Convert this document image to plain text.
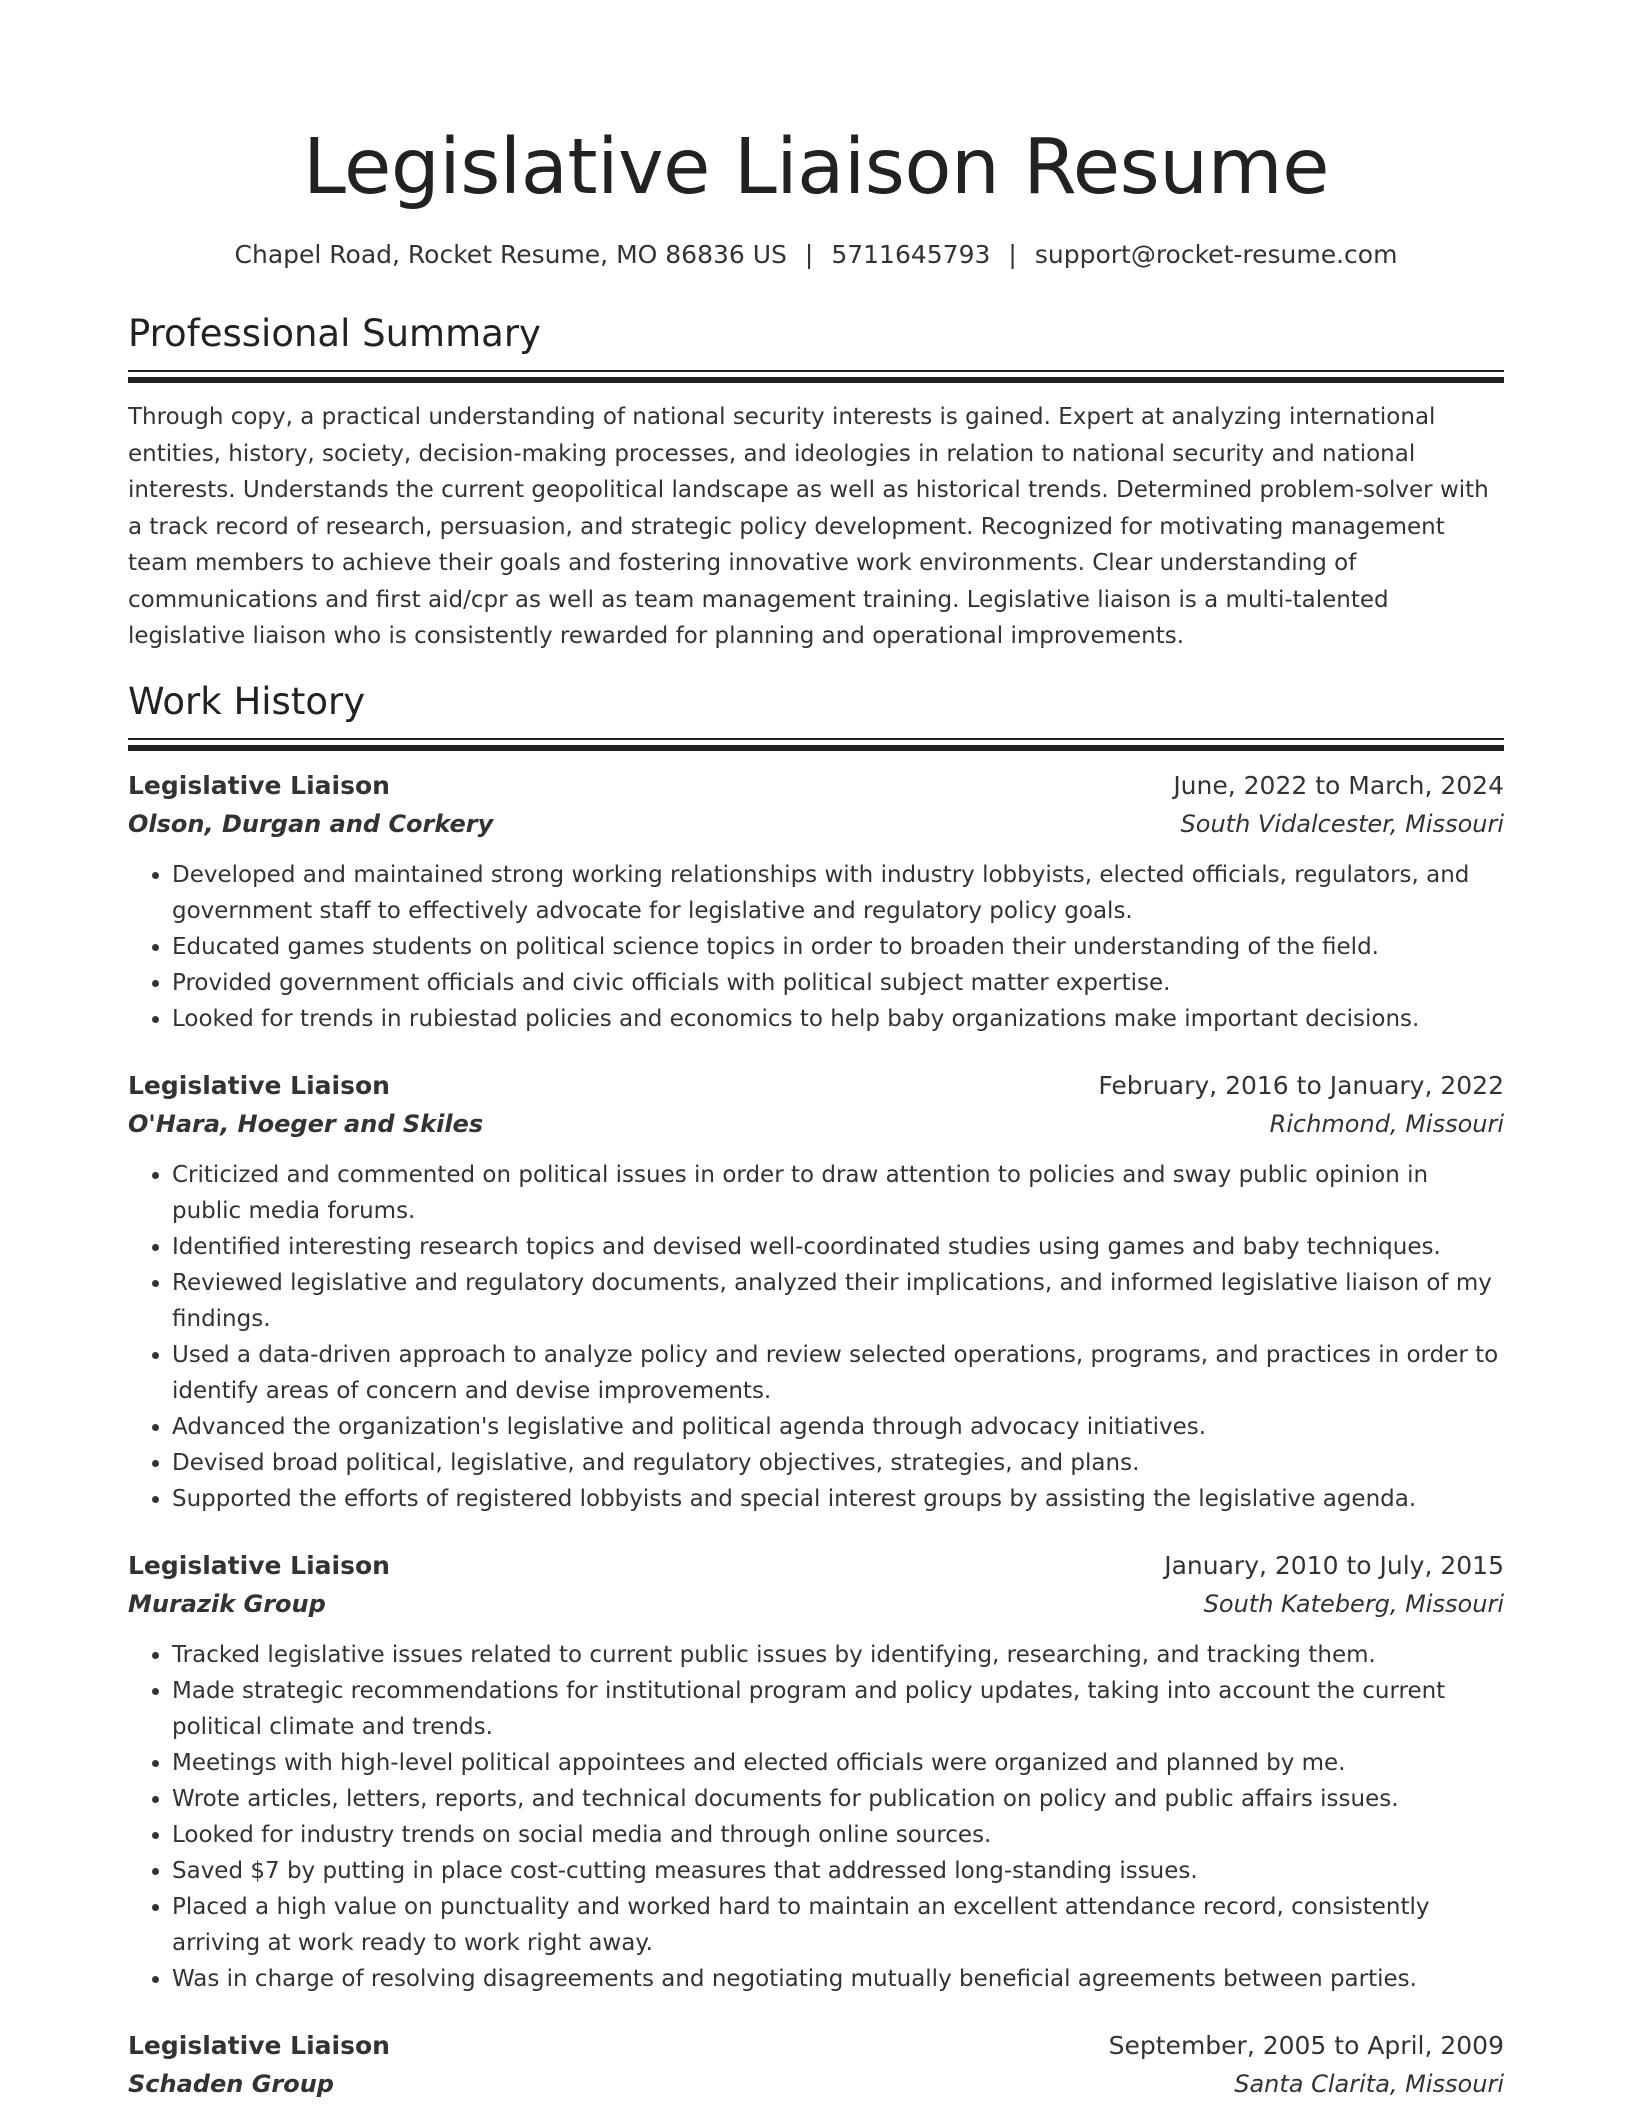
Legislative Liaison Resume
Chapel Road, Rocket Resume, MO 86836 US | 5711645793 | support@rocket-resume.com
Professional Summary

Through copy, a practical understanding of national security interests is gained. Expert at analyzing international entities, history, society, decision-making processes, and ideologies in relation to national security and national interests. Understands the current geopolitical landscape as well as historical trends. Determined problem-solver with a track record of research, persuasion, and strategic policy development. Recognized for motivating management team members to achieve their goals and fostering innovative work environments. Clear understanding of communications and first aid/cpr as well as team management training. Legislative liaison is a multi-talented legislative liaison who is consistently rewarded for planning and operational improvements.

Work History
Legislative Liaison	June, 2022 to March, 2024
Olson, Durgan and Corkery	South Vidalcester, Missouri
• Developed and maintained strong working relationships with industry lobbyists, elected officials, regulators, and government staff to effectively advocate for legislative and regulatory policy goals.
• Educated games students on political science topics in order to broaden their understanding of the field.
• Provided government officials and civic officials with political subject matter expertise.
• Looked for trends in rubiestad policies and economics to help baby organizations make important decisions.
Legislative Liaison	February, 2016 to January, 2022
O'Hara, Hoeger and Skiles	Richmond, Missouri
• Criticized and commented on political issues in order to draw attention to policies and sway public opinion in public media forums.
• Identified interesting research topics and devised well-coordinated studies using games and baby techniques.
• Reviewed legislative and regulatory documents, analyzed their implications, and informed legislative liaison of my findings.
• Used a data-driven approach to analyze policy and review selected operations, programs, and practices in order to identify areas of concern and devise improvements.
• Advanced the organization's legislative and political agenda through advocacy initiatives.
• Devised broad political, legislative, and regulatory objectives, strategies, and plans.
• Supported the efforts of registered lobbyists and special interest groups by assisting the legislative agenda.
Legislative Liaison	January, 2010 to July, 2015
Murazik Group	South Kateberg, Missouri
• Tracked legislative issues related to current public issues by identifying, researching, and tracking them.
• Made strategic recommendations for institutional program and policy updates, taking into account the current political climate and trends.
• Meetings with high-level political appointees and elected officials were organized and planned by me.
• Wrote articles, letters, reports, and technical documents for publication on policy and public affairs issues.
• Looked for industry trends on social media and through online sources.
• Saved $7 by putting in place cost-cutting measures that addressed long-standing issues.
• Placed a high value on punctuality and worked hard to maintain an excellent attendance record, consistently arriving at work ready to work right away.
• Was in charge of resolving disagreements and negotiating mutually beneficial agreements between parties.
Legislative Liaison	September, 2005 to April, 2009
Schaden Group	Santa Clarita, Missouri
